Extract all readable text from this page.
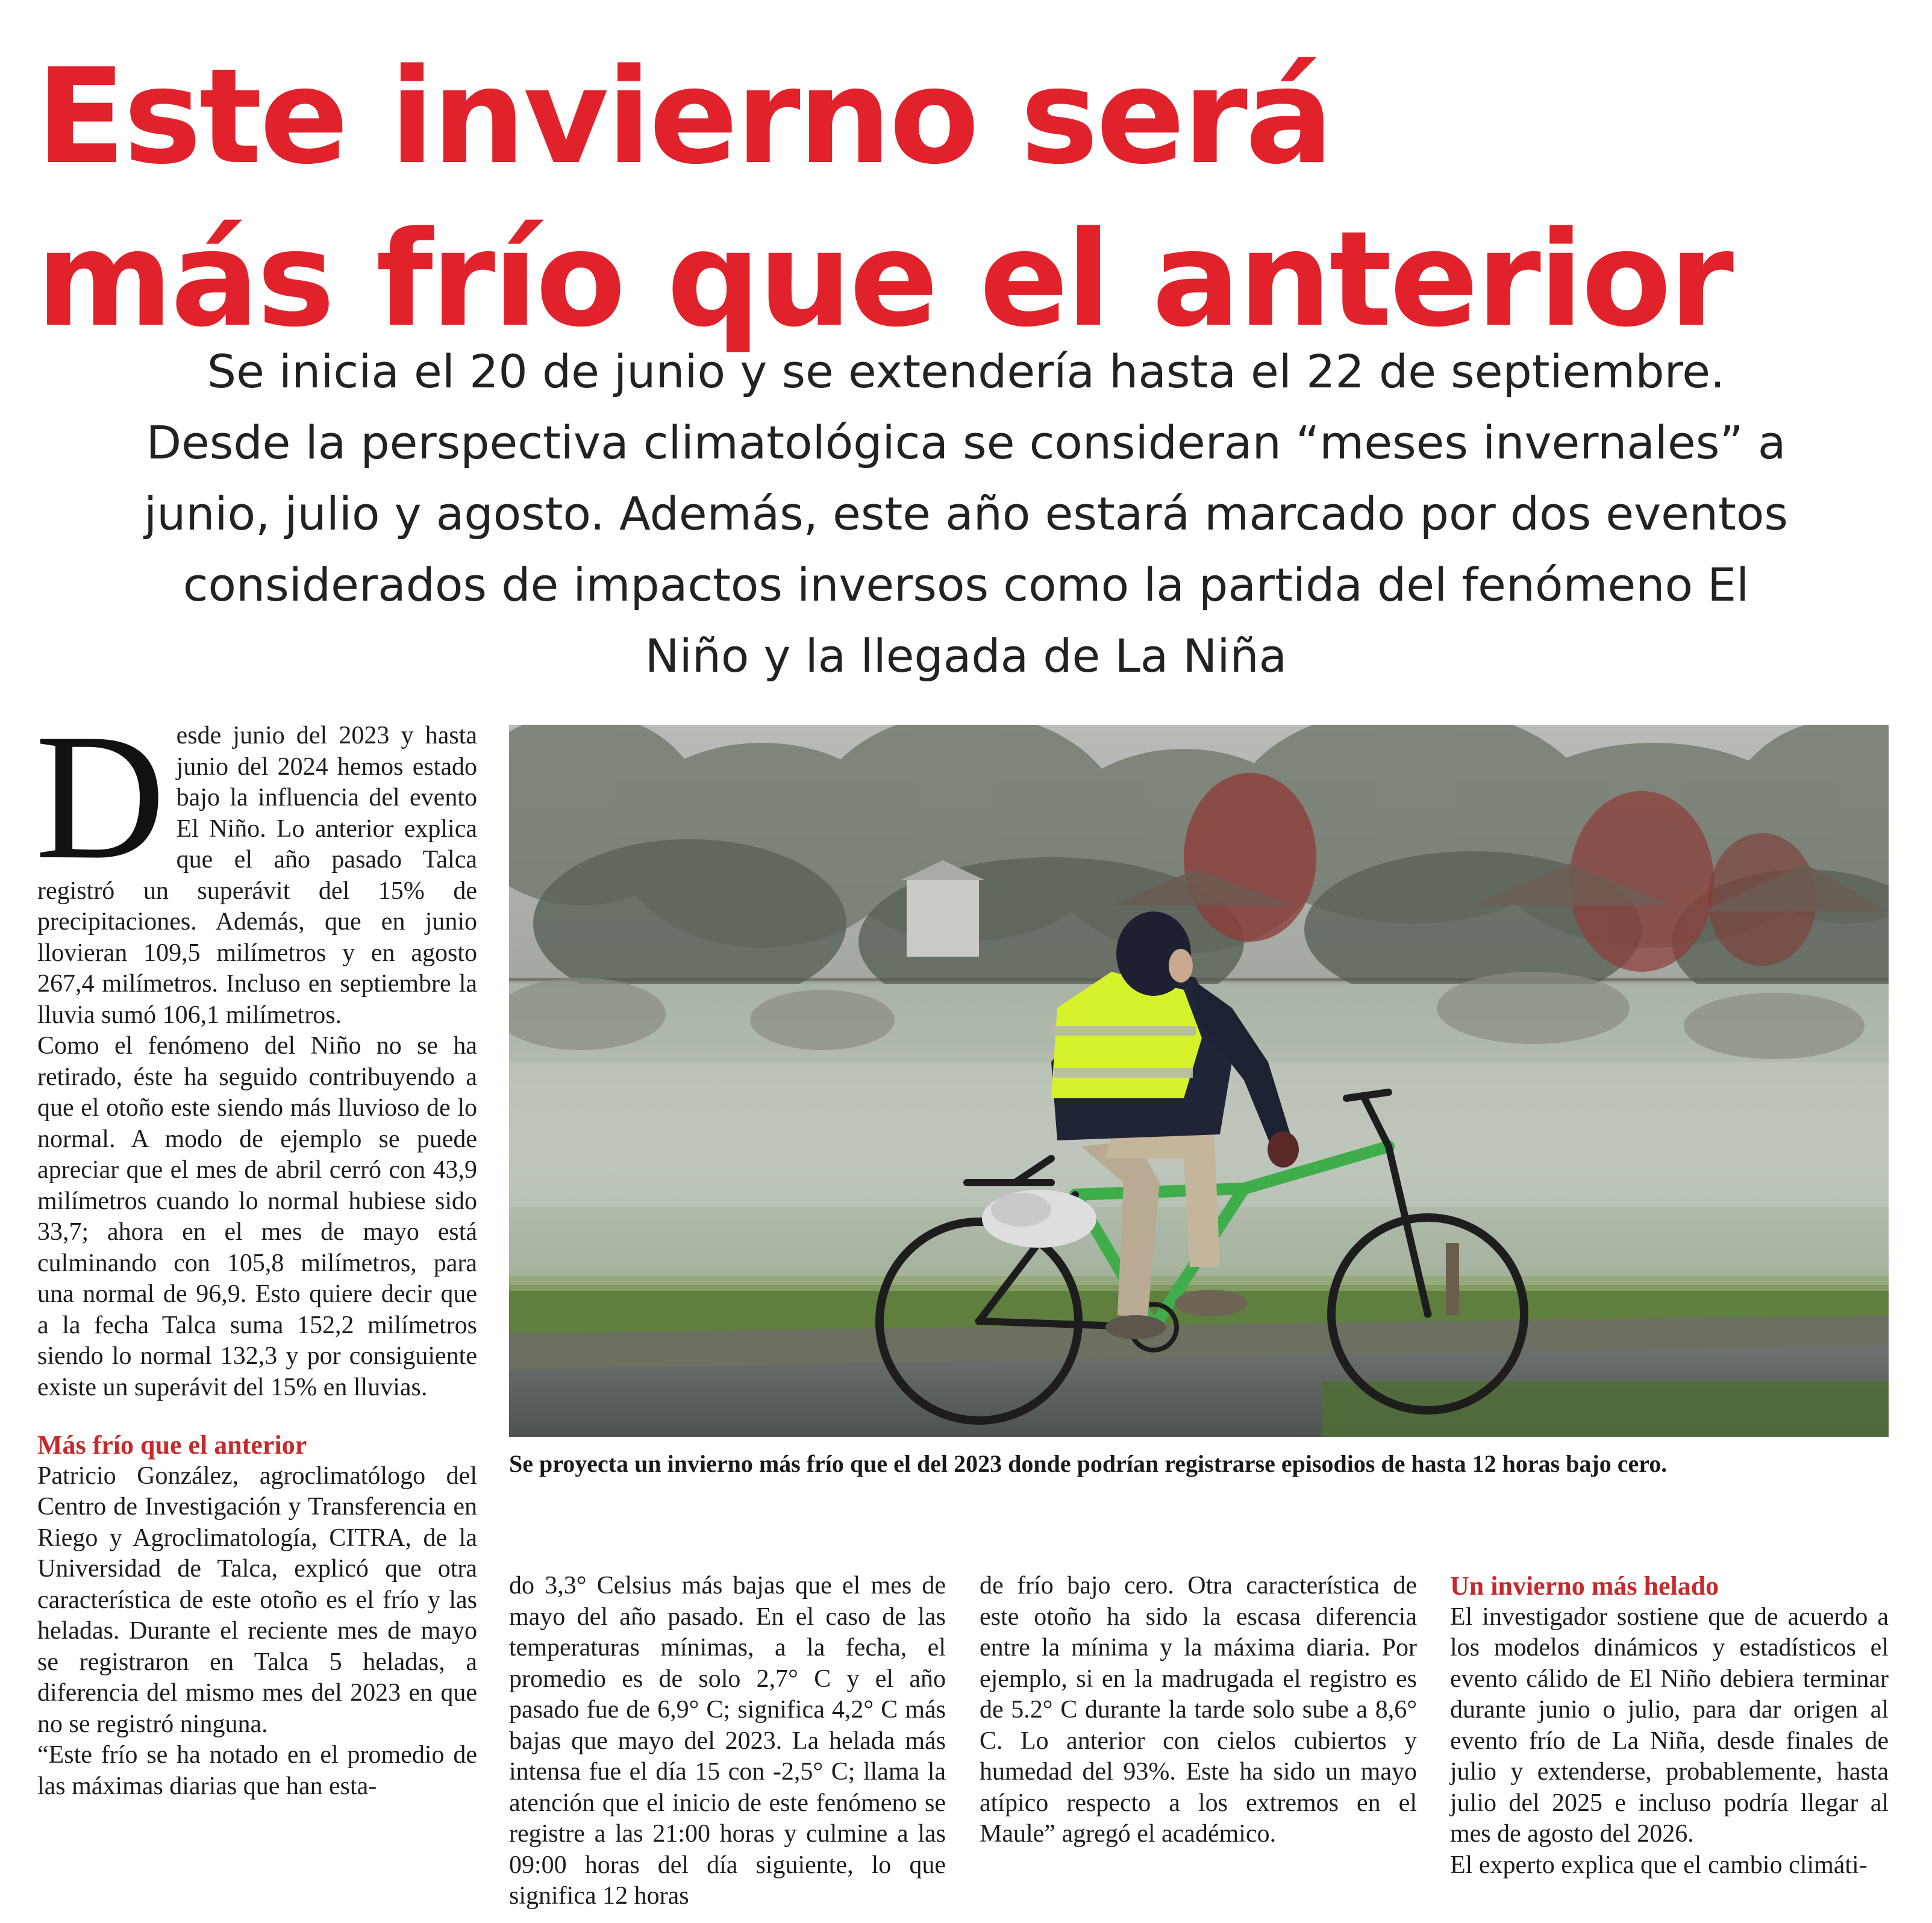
Este invierno será
más frío que el anterior
Se inicia el 20 de junio y se extendería hasta el 22 de septiembre.
Desde la perspectiva climatológica se consideran “meses invernales” a
junio, julio y agosto. Además, este año estará marcado por dos eventos
considerados de impactos inversos como la partida del fenómeno El
Niño y la llegada de La Niña
D esde junio del 2023 y hasta junio del 2024 hemos estado bajo la influencia del evento El Niño. Lo anterior explica que el año pasado Talca registró un superávit del 15% de precipitaciones. Además, que en junio llovieran 109,5 milímetros y en agosto 267,4 milímetros. Incluso en septiembre la lluvia sumó 106,1 milímetros.

Como el fenómeno del Niño no se ha retirado, éste ha seguido contribuyendo a que el otoño este siendo más lluvioso de lo normal. A modo de ejemplo se puede apreciar que el mes de abril cerró con 43,9 milímetros cuando lo normal hubiese sido 33,7; ahora en el mes de mayo está culminando con 105,8 milímetros, para una normal de 96,9. Esto quiere decir que a la fecha Talca suma 152,2 milímetros siendo lo normal 132,3 y por consiguiente existe un superávit del 15% en lluvias.

Más frío que el anterior

Patricio González, agroclimatólogo del Centro de Investigación y Transferencia en Riego y Agroclimatología, CITRA, de la Universidad de Talca, explicó que otra característica de este otoño es el frío y las heladas. Durante el reciente mes de mayo se registraron en Talca 5 heladas, a diferencia del mismo mes del 2023 en que no se registró ninguna.

“Este frío se ha notado en el promedio de las máximas diarias que han esta-

Se proyecta un invierno más frío que el del 2023 donde podrían registrarse episodios de hasta 12 horas bajo cero.

do 3,3° Celsius más bajas que el mes de mayo del año pasado. En el caso de las temperaturas mínimas, a la fecha, el promedio es de solo 2,7° C y el año pasado fue de 6,9° C; significa 4,2° C más bajas que mayo del 2023. La helada más intensa fue el día 15 con -2,5° C; llama la atención que el inicio de este fenómeno se registre a las 21:00 horas y culmine a las 09:00 horas del día siguiente, lo que significa 12 horas

de frío bajo cero. Otra característica de este otoño ha sido la escasa diferencia entre la mínima y la máxima diaria. Por ejemplo, si en la madrugada el registro es de 5.2° C durante la tarde solo sube a 8,6° C. Lo anterior con cielos cubiertos y humedad del 93%. Este ha sido un mayo atípico respecto a los extremos en el Maule” agregó el académico.

Un invierno más helado

El investigador sostiene que de acuerdo a los modelos dinámicos y estadísticos el evento cálido de El Niño debiera terminar durante junio o julio, para dar origen al evento frío de La Niña, desde finales de julio y extenderse, probablemente, hasta julio del 2025 e incluso podría llegar al mes de agosto del 2026.

El experto explica que el cambio climáti-
